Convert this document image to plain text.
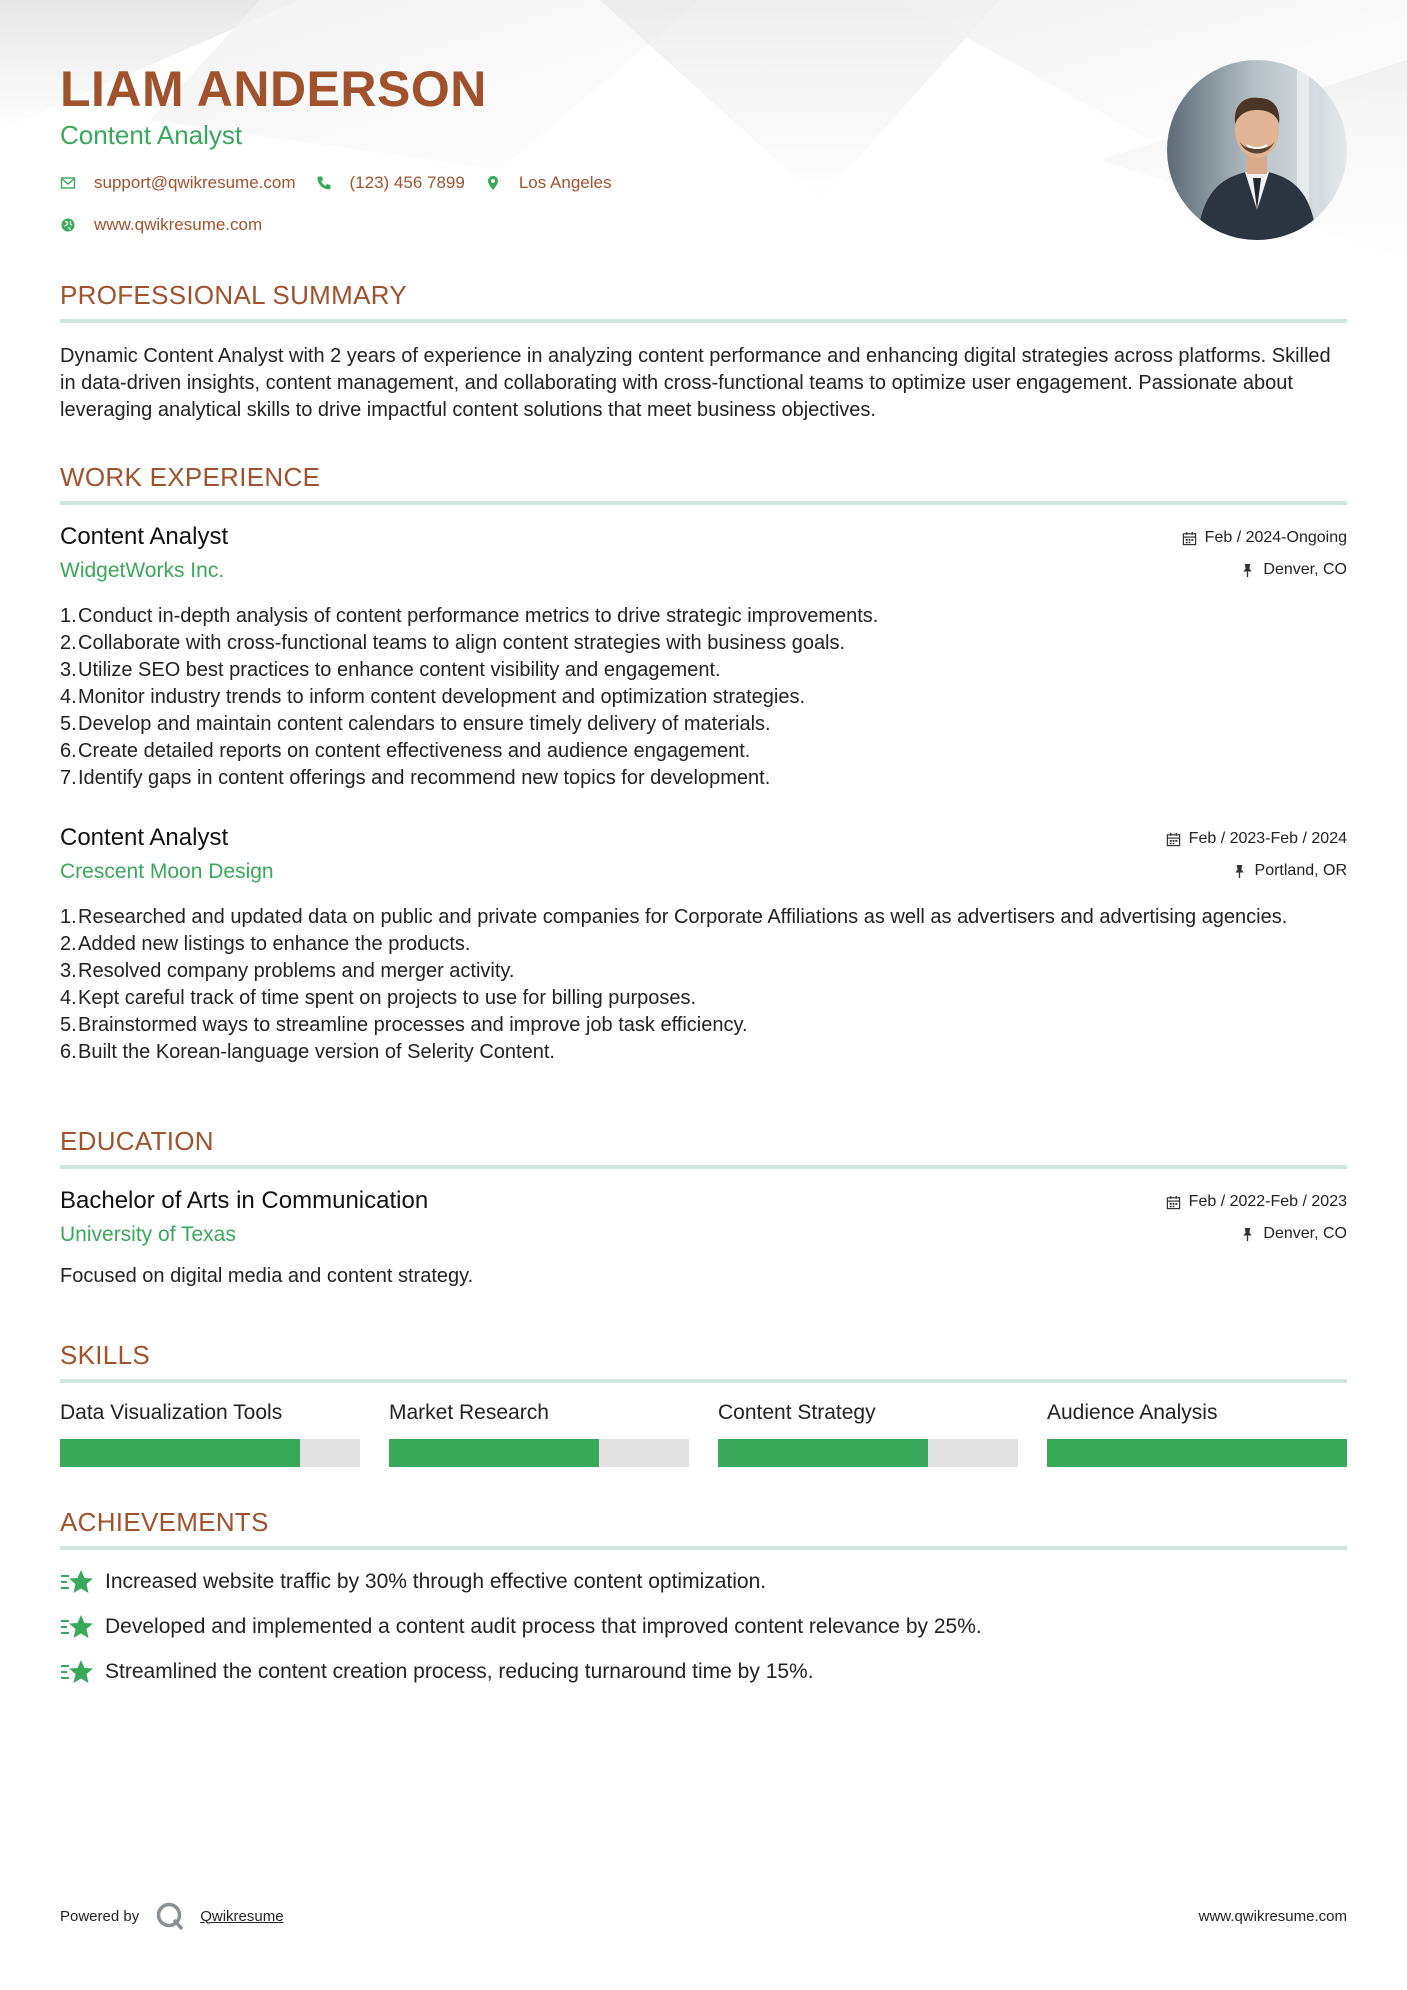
LIAM ANDERSON
Content Analyst
support@qwikresume.com	(123) 456 7899	Los Angeles
www.qwikresume.com
PROFESSIONAL SUMMARY
Dynamic Content Analyst with 2 years of experience in analyzing content performance and enhancing digital strategies across platforms. Skilled in data-driven insights, content management, and collaborating with cross-functional teams to optimize user engagement. Passionate about leveraging analytical skills to drive impactful content solutions that meet business objectives.
WORK EXPERIENCE
Content Analyst
WidgetWorks Inc.
Feb / 2024-Ongoing
Denver, CO
1. Conduct in-depth analysis of content performance metrics to drive strategic improvements.
2. Collaborate with cross-functional teams to align content strategies with business goals.
3. Utilize SEO best practices to enhance content visibility and engagement.
4. Monitor industry trends to inform content development and optimization strategies.
5. Develop and maintain content calendars to ensure timely delivery of materials.
6. Create detailed reports on content effectiveness and audience engagement.
7. Identify gaps in content offerings and recommend new topics for development.
Content Analyst
Crescent Moon Design
Feb / 2023-Feb / 2024
Portland, OR
1. Researched and updated data on public and private companies for Corporate Affiliations as well as advertisers and advertising agencies.
2. Added new listings to enhance the products.
3. Resolved company problems and merger activity.
4. Kept careful track of time spent on projects to use for billing purposes.
5. Brainstormed ways to streamline processes and improve job task efficiency.
6. Built the Korean-language version of Selerity Content.
EDUCATION
Bachelor of Arts in Communication
University of Texas
Feb / 2022-Feb / 2023
Denver, CO
Focused on digital media and content strategy.
SKILLS
Data Visualization Tools	Market Research	Content Strategy	Audience Analysis
ACHIEVEMENTS
Increased website traffic by 30% through effective content optimization.
Developed and implemented a content audit process that improved content relevance by 25%.
Streamlined the content creation process, reducing turnaround time by 15%.
Powered by	Qwikresume	www.qwikresume.com
